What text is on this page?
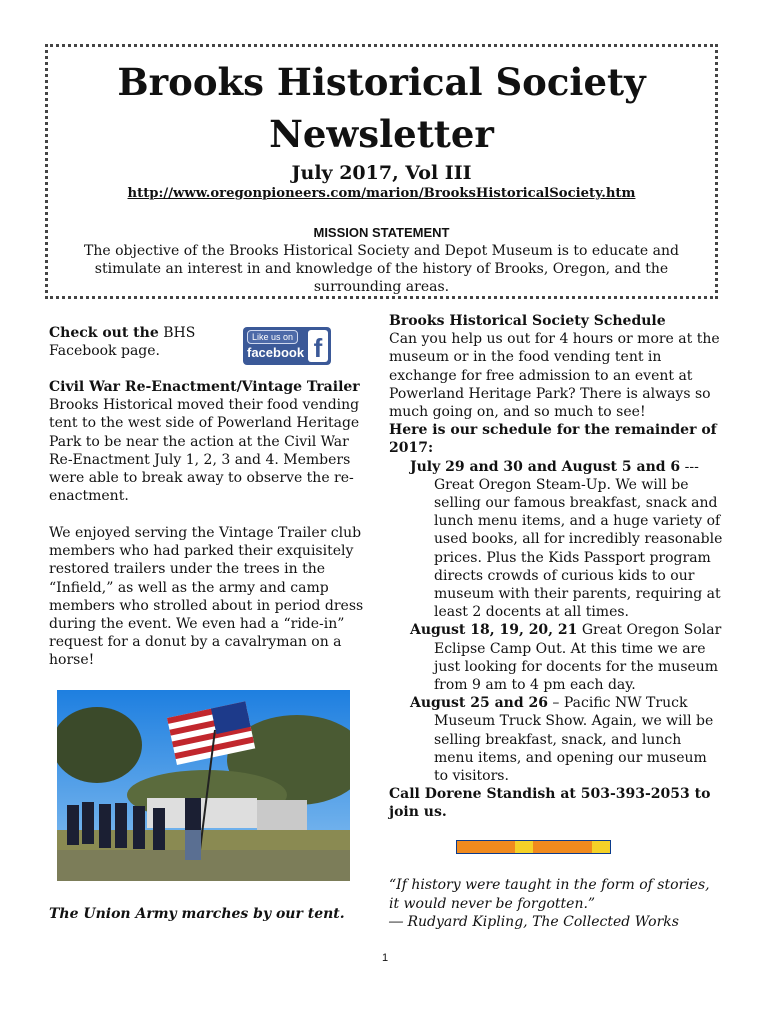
Brooks Historical Society
Newsletter
July 2017, Vol III
http://www.oregonpioneers.com/marion/BrooksHistoricalSociety.htm
MISSION STATEMENT
The objective of the Brooks Historical Society and Depot Museum is to educate and stimulate an interest in and knowledge of the history of Brooks, Oregon, and the surrounding areas.

Check out the BHS Facebook page.

Like us on
facebook f

Civil War Re-Enactment/Vintage Trailer

Brooks Historical moved their food vending tent to the west side of Powerland Heritage Park to be near the action at the Civil War Re-Enactment July 1, 2, 3 and 4. Members were able to break away to observe the re-enactment.

We enjoyed serving the Vintage Trailer club members who had parked their exquisitely restored trailers under the trees in the “Infield,” as well as the army and camp members who strolled about in period dress during the event. We even had a “ride-in” request for a donut by a cavalryman on a horse!

The Union Army marches by our tent.

Brooks Historical Society Schedule

Can you help us out for 4 hours or more at the museum or in the food vending tent in exchange for free admission to an event at Powerland Heritage Park? There is always so much going on, and so much to see!

Here is our schedule for the remainder of 2017:

July 29 and 30 and August 5 and 6 --- Great Oregon Steam-Up. We will be selling our famous breakfast, snack and lunch menu items, and a huge variety of used books, all for incredibly reasonable prices. Plus the Kids Passport program directs crowds of curious kids to our museum with their parents, requiring at least 2 docents at all times.

August 18, 19, 20, 21 Great Oregon Solar Eclipse Camp Out. At this time we are just looking for docents for the museum from 9 am to 4 pm each day.

August 25 and 26 – Pacific NW Truck Museum Truck Show. Again, we will be selling breakfast, snack, and lunch menu items, and opening our museum to visitors.

Call Dorene Standish at 503-393-2053 to join us.

“If history were taught in the form of stories, it would never be forgotten.”

― Rudyard Kipling, The Collected Works

1
